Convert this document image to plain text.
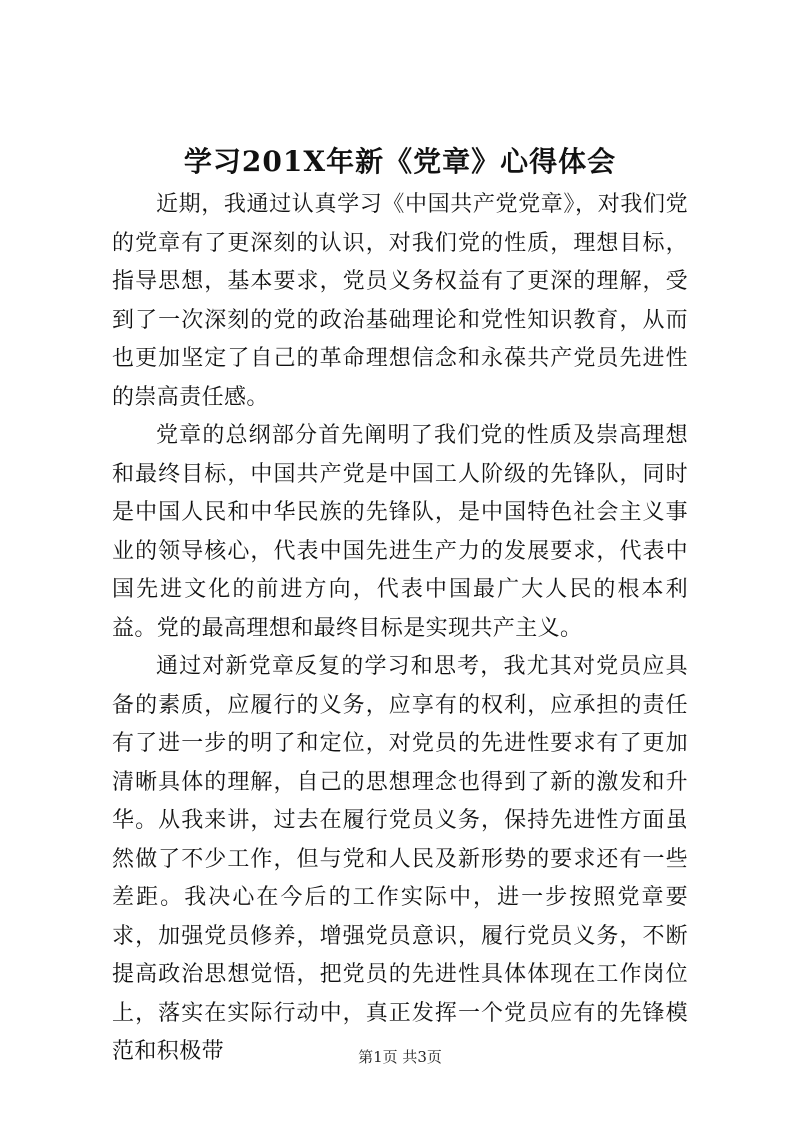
学习201X年新《党章》心得体会

近期，我通过认真学习《中国共产党党章》，对我们党的党章有了更深刻的认识，对我们党的性质，理想目标，指导思想，基本要求，党员义务权益有了更深的理解，受到了一次深刻的党的政治基础理论和党性知识教育，从而也更加坚定了自己的革命理想信念和永葆共产党员先进性的崇高责任感。

党章的总纲部分首先阐明了我们党的性质及崇高理想和最终目标，中国共产党是中国工人阶级的先锋队，同时是中国人民和中华民族的先锋队，是中国特色社会主义事业的领导核心，代表中国先进生产力的发展要求，代表中国先进文化的前进方向，代表中国最广大人民的根本利益。党的最高理想和最终目标是实现共产主义。

通过对新党章反复的学习和思考，我尤其对党员应具备的素质，应履行的义务，应享有的权利，应承担的责任有了进一步的明了和定位，对党员的先进性要求有了更加清晰具体的理解，自己的思想理念也得到了新的激发和升华。从我来讲，过去在履行党员义务，保持先进性方面虽然做了不少工作，但与党和人民及新形势的要求还有一些差距。我决心在今后的工作实际中，进一步按照党章要求，加强党员修养，增强党员意识，履行党员义务，不断提高政治思想觉悟，把党员的先进性具体体现在工作岗位上，落实在实际行动中，真正发挥一个党员应有的先锋模范和积极带	第1页 共3页
